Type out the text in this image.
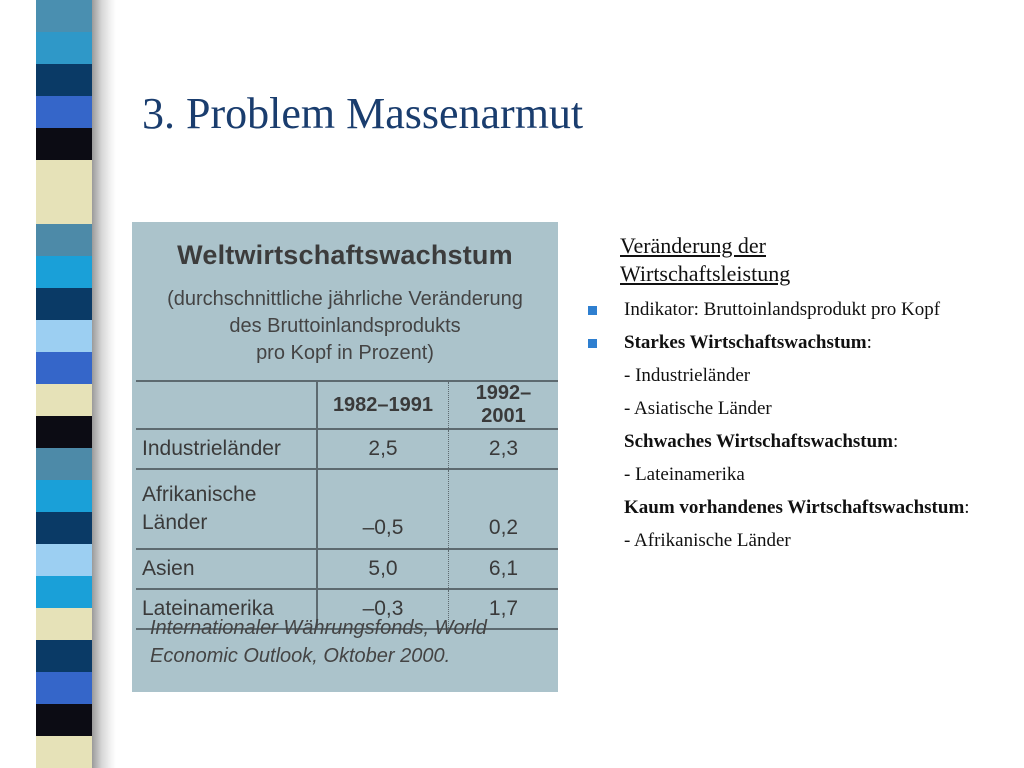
3. Problem Massenarmut
Weltwirtschaftswachstum
(durchschnittliche jährliche Veränderung
des Bruttoinlandsprodukts
pro Kopf in Prozent)
	1982–1991	1992–2001
Industrieländer	2,5	2,3
Afrikanische Länder	–0,5	0,2
Asien	5,0	6,1
Lateinamerika	–0,3	1,7
Internationaler Währungsfonds, World Economic Outlook, Oktober 2000.
Veränderung der Wirtschaftsleistung
Indikator: Bruttoinlandsprodukt pro Kopf
Starkes Wirtschaftswachstum:
- Industrieländer
- Asiatische Länder
Schwaches Wirtschaftswachstum:
- Lateinamerika
Kaum vorhandenes Wirtschaftswachstum:
- Afrikanische Länder
